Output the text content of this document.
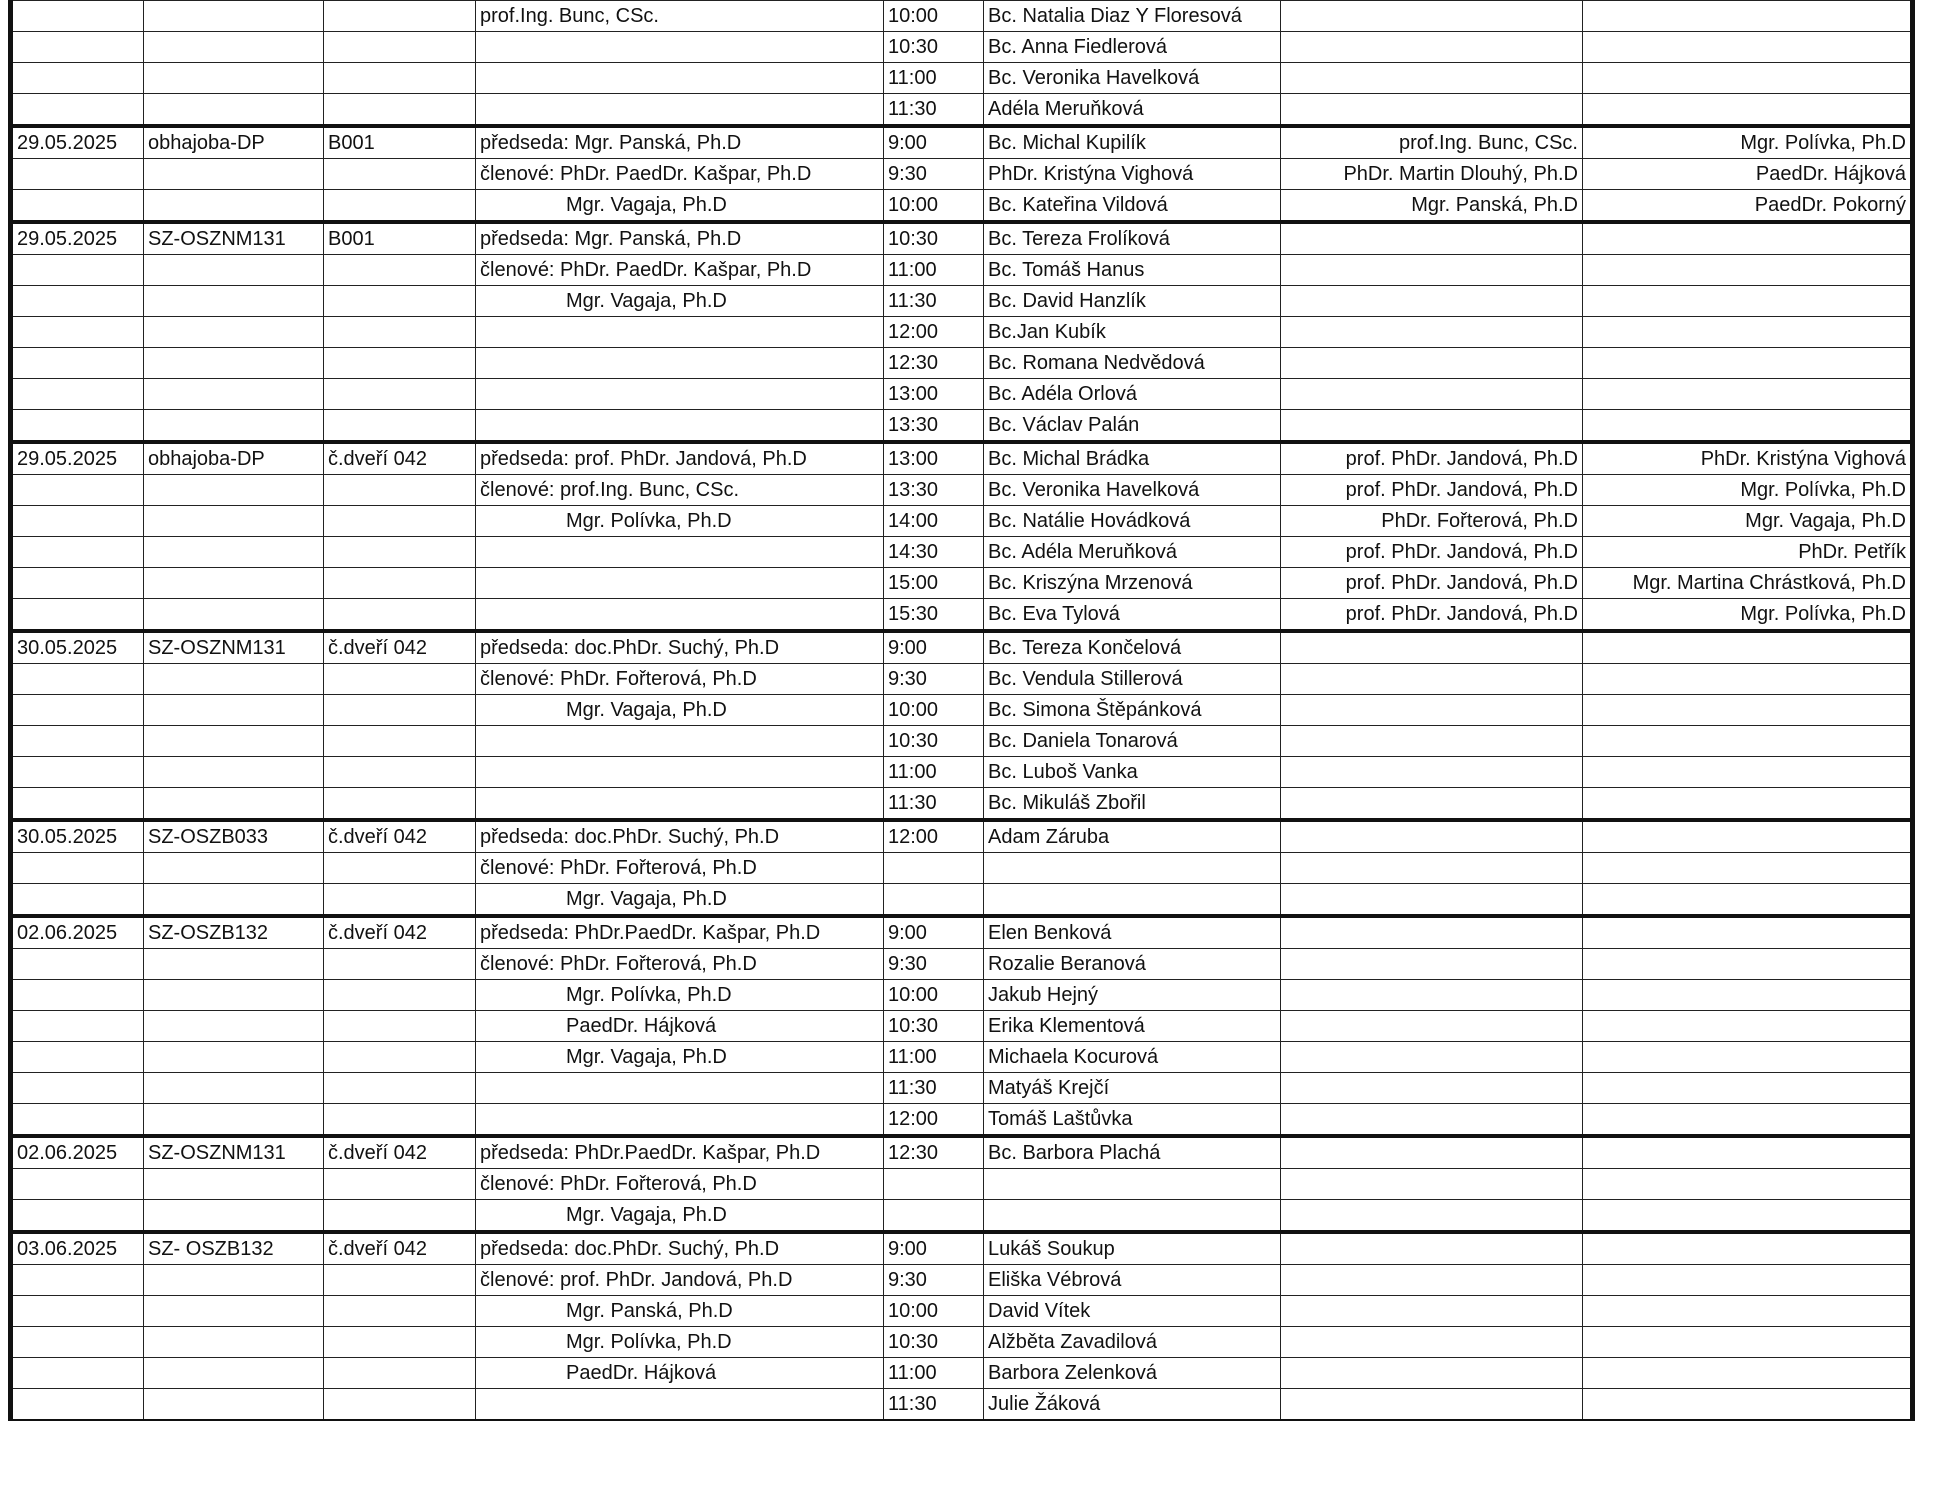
			prof.Ing. Bunc, CSc.	10:00	Bc. Natalia Diaz Y Floresová		
				10:30	Bc. Anna Fiedlerová		
				11:00	Bc. Veronika Havelková		
				11:30	Adéla Meruňková		
29.05.2025	obhajoba-DP	B001	předseda: Mgr. Panská, Ph.D	9:00	Bc. Michal Kupilík	prof.Ing. Bunc, CSc.	Mgr. Polívka, Ph.D
			členové: PhDr. PaedDr. Kašpar, Ph.D	9:30	PhDr. Kristýna Vighová	PhDr. Martin Dlouhý, Ph.D	PaedDr. Hájková
			Mgr. Vagaja, Ph.D	10:00	Bc. Kateřina Vildová	Mgr. Panská, Ph.D	PaedDr. Pokorný
29.05.2025	SZ-OSZNM131	B001	předseda: Mgr. Panská, Ph.D	10:30	Bc. Tereza Frolíková		
			členové: PhDr. PaedDr. Kašpar, Ph.D	11:00	Bc. Tomáš Hanus		
			Mgr. Vagaja, Ph.D	11:30	Bc. David Hanzlík		
				12:00	Bc.Jan Kubík		
				12:30	Bc. Romana Nedvědová		
				13:00	Bc. Adéla Orlová		
				13:30	Bc. Václav Palán		
29.05.2025	obhajoba-DP	č.dveří 042	předseda: prof. PhDr. Jandová, Ph.D	13:00	Bc. Michal Brádka	prof. PhDr. Jandová, Ph.D	PhDr. Kristýna Vighová
			členové: prof.Ing. Bunc, CSc.	13:30	Bc. Veronika Havelková	prof. PhDr. Jandová, Ph.D	Mgr. Polívka, Ph.D
			Mgr. Polívka, Ph.D	14:00	Bc. Natálie Hovádková	PhDr. Fořterová, Ph.D	Mgr. Vagaja, Ph.D
				14:30	Bc. Adéla Meruňková	prof. PhDr. Jandová, Ph.D	PhDr. Petřík
				15:00	Bc. Kriszýna Mrzenová	prof. PhDr. Jandová, Ph.D	Mgr. Martina Chrástková, Ph.D
				15:30	Bc. Eva Tylová	prof. PhDr. Jandová, Ph.D	Mgr. Polívka, Ph.D
30.05.2025	SZ-OSZNM131	č.dveří 042	předseda: doc.PhDr. Suchý, Ph.D	9:00	Bc. Tereza Končelová		
			členové: PhDr. Fořterová, Ph.D	9:30	Bc. Vendula Stillerová		
			Mgr. Vagaja, Ph.D	10:00	Bc. Simona Štěpánková		
				10:30	Bc. Daniela Tonarová		
				11:00	Bc. Luboš Vanka		
				11:30	Bc. Mikuláš Zbořil		
30.05.2025	SZ-OSZB033	č.dveří 042	předseda: doc.PhDr. Suchý, Ph.D	12:00	Adam Záruba		
			členové: PhDr. Fořterová, Ph.D				
			Mgr. Vagaja, Ph.D				
02.06.2025	SZ-OSZB132	č.dveří 042	předseda: PhDr.PaedDr. Kašpar, Ph.D	9:00	Elen Benková		
			členové: PhDr. Fořterová, Ph.D	9:30	Rozalie Beranová		
			Mgr. Polívka, Ph.D	10:00	Jakub Hejný		
			PaedDr. Hájková	10:30	Erika Klementová		
			Mgr. Vagaja, Ph.D	11:00	Michaela Kocurová		
				11:30	Matyáš Krejčí		
				12:00	Tomáš Laštůvka		
02.06.2025	SZ-OSZNM131	č.dveří 042	předseda: PhDr.PaedDr. Kašpar, Ph.D	12:30	Bc. Barbora Plachá		
			členové: PhDr. Fořterová, Ph.D				
			Mgr. Vagaja, Ph.D				
03.06.2025	SZ- OSZB132	č.dveří 042	předseda: doc.PhDr. Suchý, Ph.D	9:00	Lukáš Soukup		
			členové: prof. PhDr. Jandová, Ph.D	9:30	Eliška Vébrová		
			Mgr. Panská, Ph.D	10:00	David Vítek		
			Mgr. Polívka, Ph.D	10:30	Alžběta Zavadilová		
			PaedDr. Hájková	11:00	Barbora Zelenková		
				11:30	Julie Žáková		
